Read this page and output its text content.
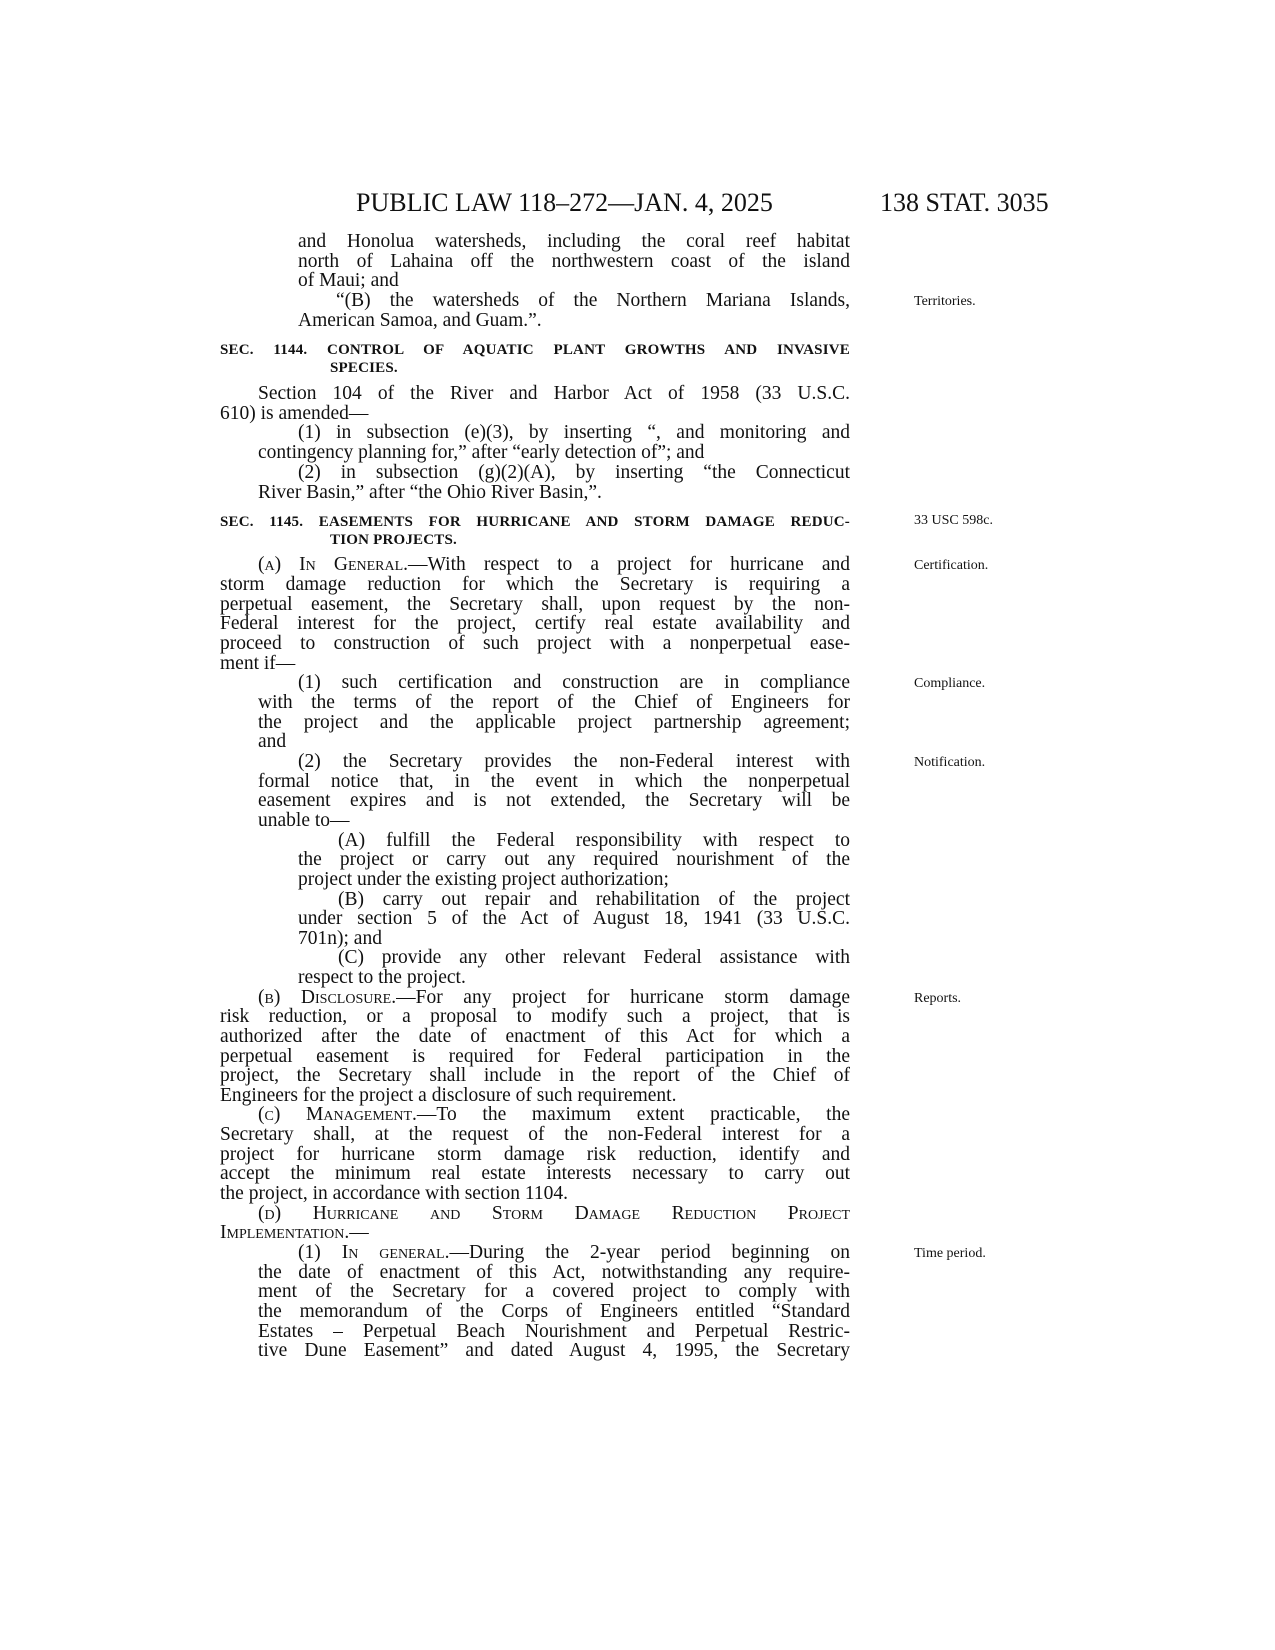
PUBLIC LAW 118–272—JAN. 4, 2025	138 STAT. 3035
and Honolua watersheds, including the coral reef habitat
north of Lahaina off the northwestern coast of the island
of Maui; and
“(B) the watersheds of the Northern Mariana Islands,
American Samoa, and Guam.”.
Territories.
SEC. 1144. CONTROL OF AQUATIC PLANT GROWTHS AND INVASIVE
SPECIES.
Section 104 of the River and Harbor Act of 1958 (33 U.S.C.
610) is amended—
(1) in subsection (e)(3), by inserting “, and monitoring and
contingency planning for,” after “early detection of”; and
(2) in subsection (g)(2)(A), by inserting “the Connecticut
River Basin,” after “the Ohio River Basin,”.
SEC. 1145. EASEMENTS FOR HURRICANE AND STORM DAMAGE REDUC-
TION PROJECTS.
33 USC 598c.
(a) In General.—With respect to a project for hurricane and	Certification.
storm damage reduction for which the Secretary is requiring a
perpetual easement, the Secretary shall, upon request by the non-
Federal interest for the project, certify real estate availability and
proceed to construction of such project with a nonperpetual ease-
ment if—
(1) such certification and construction are in compliance	Compliance.
with the terms of the report of the Chief of Engineers for
the project and the applicable project partnership agreement;
and
(2) the Secretary provides the non-Federal interest with	Notification.
formal notice that, in the event in which the nonperpetual
easement expires and is not extended, the Secretary will be
unable to—
(A) fulfill the Federal responsibility with respect to
the project or carry out any required nourishment of the
project under the existing project authorization;
(B) carry out repair and rehabilitation of the project
under section 5 of the Act of August 18, 1941 (33 U.S.C.
701n); and
(C) provide any other relevant Federal assistance with
respect to the project.
(b) Disclosure.—For any project for hurricane storm damage	Reports.
risk reduction, or a proposal to modify such a project, that is
authorized after the date of enactment of this Act for which a
perpetual easement is required for Federal participation in the
project, the Secretary shall include in the report of the Chief of
Engineers for the project a disclosure of such requirement.
(c) Management.—To the maximum extent practicable, the
Secretary shall, at the request of the non-Federal interest for a
project for hurricane storm damage risk reduction, identify and
accept the minimum real estate interests necessary to carry out
the project, in accordance with section 1104.
(d) Hurricane and Storm Damage Reduction Project
Implementation.—
(1) In general.—During the 2-year period beginning on	Time period.
the date of enactment of this Act, notwithstanding any require-
ment of the Secretary for a covered project to comply with
the memorandum of the Corps of Engineers entitled “Standard
Estates – Perpetual Beach Nourishment and Perpetual Restric-
tive Dune Easement” and dated August 4, 1995, the Secretary
